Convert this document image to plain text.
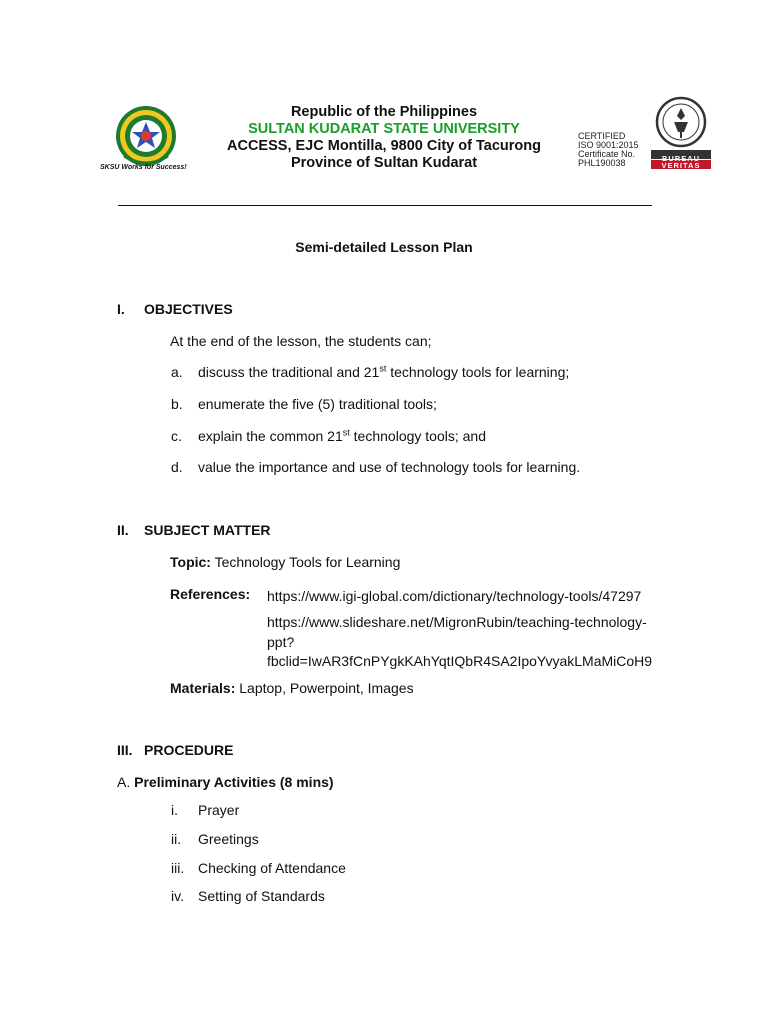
SKSU Works for Success!
Republic of the Philippines
SULTAN KUDARAT STATE UNIVERSITY
ACCESS, EJC Montilla, 9800 City of Tacurong
Province of Sultan Kudarat
CERTIFIED
ISO 9001:2015
Certificate No.
PHL190038	BUREAU
VERITAS
Semi-detailed Lesson Plan
I. OBJECTIVES
At the end of the lesson, the students can;
a. discuss the traditional and 21st technology tools for learning;
b. enumerate the five (5) traditional tools;
c. explain the common 21st technology tools; and
d. value the importance and use of technology tools for learning.
II. SUBJECT MATTER
Topic: Technology Tools for Learning
References: https://www.igi-global.com/dictionary/technology-tools/47297
https://www.slideshare.net/MigronRubin/teaching-technology-
ppt?
fbclid=IwAR3fCnPYgkKAhYqtIQbR4SA2IpoYvyakLMaMiCoH9
Materials: Laptop, Powerpoint, Images
III. PROCEDURE
A. Preliminary Activities (8 mins)
i. Prayer
ii. Greetings
iii. Checking of Attendance
iv. Setting of Standards
